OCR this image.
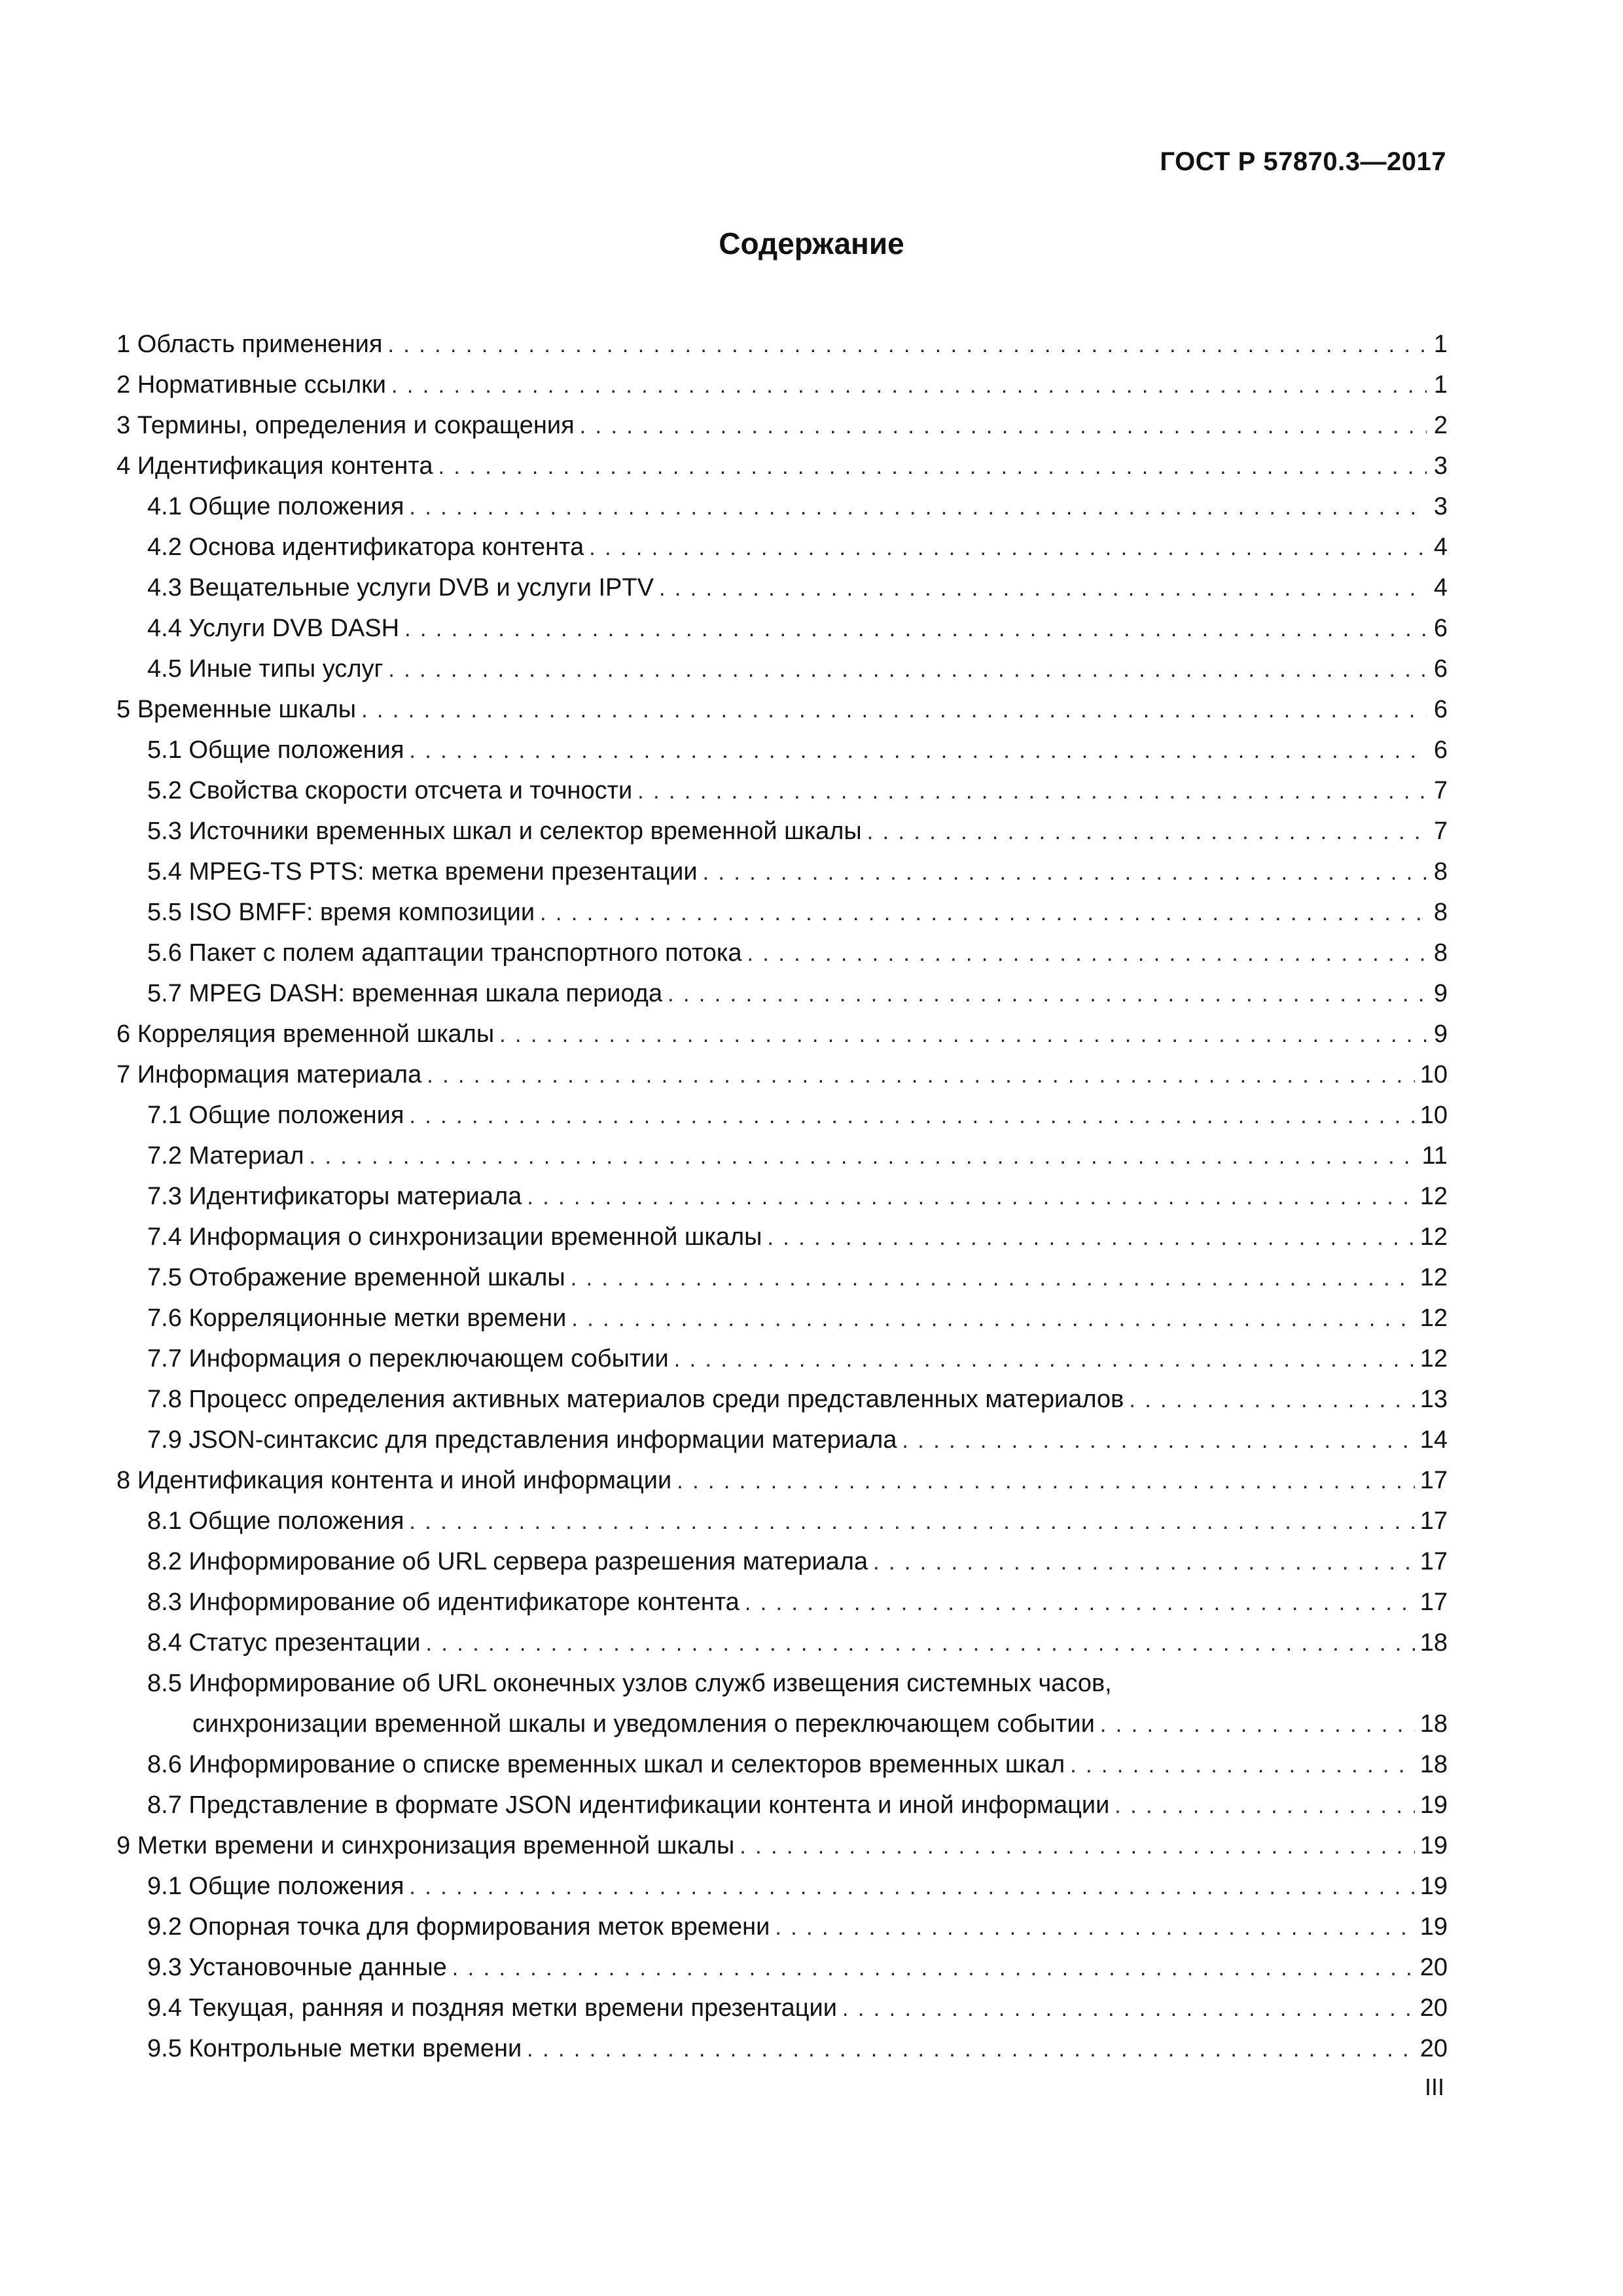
ГОСТ Р 57870.3—2017
Содержание
1 Область применения . . .	1
2 Нормативные ссылки . . .	1
3 Термины, определения и сокращения . . .	2
4 Идентификация контента . . .	3
4.1 Общие положения . . .	3
4.2 Основа идентификатора контента . . .	4
4.3 Вещательные услуги DVB и услуги IPTV . . .	4
4.4 Услуги DVB DASH . . .	6
4.5 Иные типы услуг . . .	6
5 Временные шкалы . . .	6
5.1 Общие положения . . .	6
5.2 Свойства скорости отсчета и точности . . .	7
5.3 Источники временных шкал и селектор временной шкалы . . .	7
5.4 MPEG-TS PTS: метка времени презентации . . .	8
5.5 ISO BMFF: время композиции . . .	8
5.6 Пакет с полем адаптации транспортного потока . . .	8
5.7 MPEG DASH: временная шкала периода . . .	9
6 Корреляция временной шкалы . . .	9
7 Информация материала . . .	10
7.1 Общие положения . . .	10
7.2 Материал . . .	11
7.3 Идентификаторы материала . . .	12
7.4 Информация о синхронизации временной шкалы . . .	12
7.5 Отображение временной шкалы . . .	12
7.6 Корреляционные метки времени . . .	12
7.7 Информация о переключающем событии . . .	12
7.8 Процесс определения активных материалов среди представленных материалов . . .	13
7.9 JSON-синтаксис для представления информации материала . . .	14
8 Идентификация контента и иной информации . . .	17
8.1 Общие положения . . .	17
8.2 Информирование об URL сервера разрешения материала . . .	17
8.3 Информирование об идентификаторе контента . . .	17
8.4 Статус презентации . . .	18
8.5 Информирование об URL оконечных узлов служб извещения системных часов,
синхронизации временной шкалы и уведомления о переключающем событии . . .	18
8.6 Информирование о списке временных шкал и селекторов временных шкал . . .	18
8.7 Представление в формате JSON идентификации контента и иной информации . . .	19
9 Метки времени и синхронизация временной шкалы . . .	19
9.1 Общие положения . . .	19
9.2 Опорная точка для формирования меток времени . . .	19
9.3 Установочные данные . . .	20
9.4 Текущая, ранняя и поздняя метки времени презентации . . .	20
9.5 Контрольные метки времени . . .	20
III
